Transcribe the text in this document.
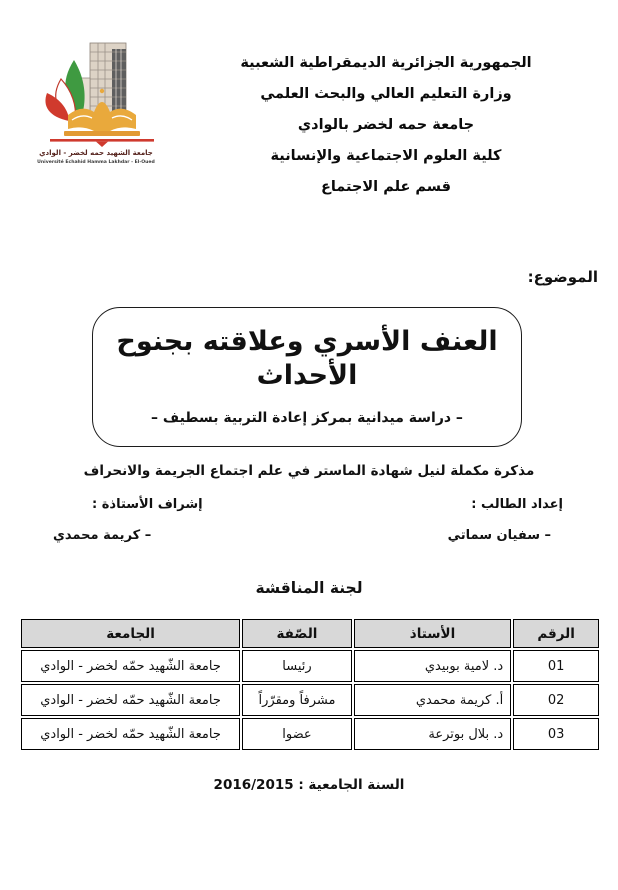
جامعة الشهيد حمه لخضر - الوادي
Université Echahid Hamma Lakhdar - El-Oued
الجمهورية الجزائرية الديمقراطية الشعبية
وزارة التعليم العالي والبحث العلمي
جامعة حمه لخضر بالوادي
كلية العلوم الاجتماعية والإنسانية
قسم علم الاجتماع
الموضوع:
العنف الأسري وعلاقته بجنوح الأحداث
– دراسة ميدانية بمركز إعادة التربية بسطيف –
مذكرة مكملة لنيل شهادة الماستر في علم اجتماع الجريمة والانحراف
إعداد الطالب :
– سفيان سماتي
إشراف الأستاذة :
– كريمة محمدي
لجنة المناقشة
الرقم	الأستاذ	الصّفة	الجامعة
01	د. لامية بوبيدي	رئيسا	جامعة الشّهيد حمّه لخضر - الوادي
02	أ. كريمة محمدي	مشرفاً ومقرّراً	جامعة الشّهيد حمّه لخضر - الوادي
03	د. بلال بوترعة	عضوا	جامعة الشّهيد حمّه لخضر - الوادي
السنة الجامعية : 2016/2015
